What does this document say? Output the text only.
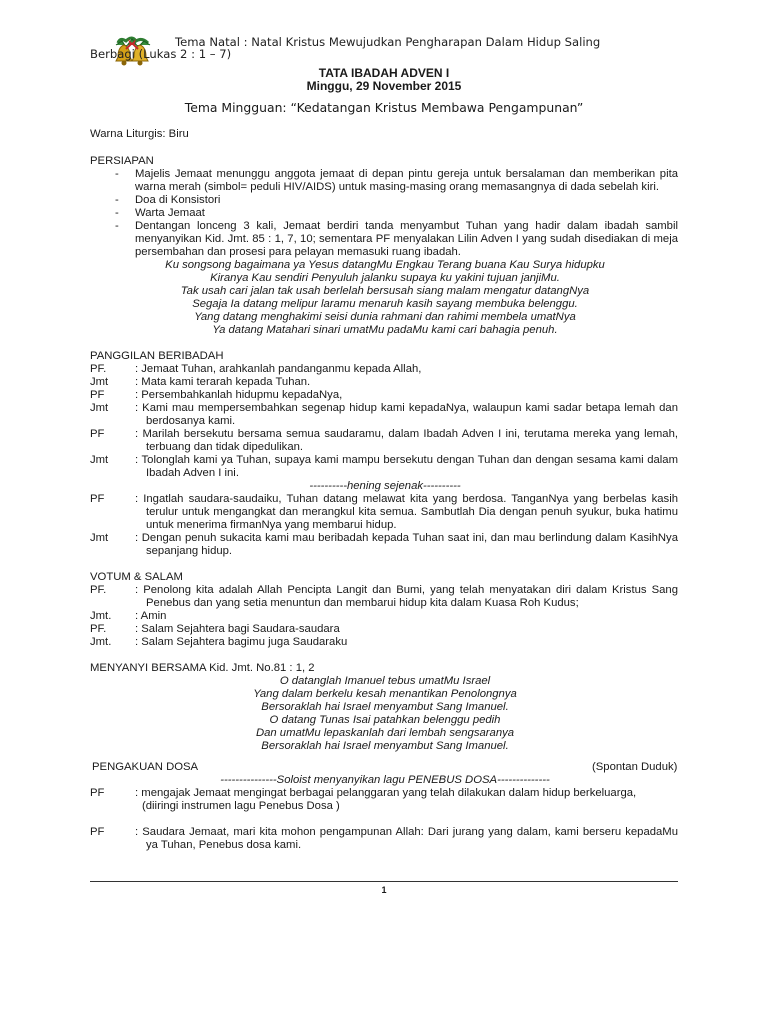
Tema Natal : Natal Kristus Mewujudkan Pengharapan Dalam Hidup Saling
Berbagi (Lukas 2 : 1 – 7)
TATA IBADAH ADVEN I
Minggu, 29 November 2015
Tema Mingguan: “Kedatangan Kristus Membawa Pengampunan”
Warna Liturgis: Biru
PERSIAPAN
- Majelis Jemaat menunggu anggota jemaat di depan pintu gereja untuk bersalaman dan memberikan pita
warna merah (simbol= peduli HIV/AIDS) untuk masing-masing orang memasangnya di dada sebelah kiri.
- Doa di Konsistori
- Warta Jemaat
- Dentangan lonceng 3 kali, Jemaat berdiri tanda menyambut Tuhan yang hadir dalam ibadah sambil
menyanyikan Kid. Jmt. 85 : 1, 7, 10; sementara PF menyalakan Lilin Adven I yang sudah disediakan di meja
persembahan dan prosesi para pelayan memasuki ruang ibadah.
Ku songsong bagaimana ya Yesus datangMu Engkau Terang buana Kau Surya hidupku
Kiranya Kau sendiri Penyuluh jalanku supaya ku yakini tujuan janjiMu.
Tak usah cari jalan tak usah berlelah bersusah siang malam mengatur datangNya
Segaja Ia datang melipur laramu menaruh kasih sayang membuka belenggu.
Yang datang menghakimi seisi dunia rahmani dan rahimi membela umatNya
Ya datang Matahari sinari umatMu padaMu kami cari bahagia penuh.
PANGGILAN BERIBADAH
PF.	: Jemaat Tuhan, arahkanlah pandanganmu kepada Allah,
Jmt : Mata kami terarah kepada Tuhan.
PF	: Persembahkanlah hidupmu kepadaNya,
Jmt : Kami mau mempersembahkan segenap hidup kami kepadaNya, walaupun kami sadar betapa lemah dan
berdosanya kami.
PF	: Marilah bersekutu bersama semua saudaramu, dalam Ibadah Adven I ini, terutama mereka yang lemah,
terbuang dan tidak dipedulikan.
Jmt : Tolonglah kami ya Tuhan, supaya kami mampu bersekutu dengan Tuhan dan dengan sesama kami dalam
Ibadah Adven I ini.
----------hening sejenak----------
PF	: Ingatlah saudara-saudaiku, Tuhan datang melawat kita yang berdosa. TanganNya yang berbelas kasih
terulur untuk mengangkat dan merangkul kita semua. Sambutlah Dia dengan penuh syukur, buka hatimu
untuk menerima firmanNya yang membarui hidup.
Jmt : Dengan penuh sukacita kami mau beribadah kepada Tuhan saat ini, dan mau berlindung dalam KasihNya
sepanjang hidup.
VOTUM & SALAM
PF.	: Penolong kita adalah Allah Pencipta Langit dan Bumi, yang telah menyatakan diri dalam Kristus Sang
Penebus dan yang setia menuntun dan membarui hidup kita dalam Kuasa Roh Kudus;
Jmt. : Amin
PF.	: Salam Sejahtera bagi Saudara-saudara
Jmt. : Salam Sejahtera bagimu juga Saudaraku
MENYANYI BERSAMA Kid. Jmt. No.81 : 1, 2
O datanglah Imanuel tebus umatMu Israel
Yang dalam berkelu kesah menantikan Penolongnya
Bersoraklah hai Israel menyambut Sang Imanuel.
O datang Tunas Isai patahkan belenggu pedih
Dan umatMu lepaskanlah dari lembah sengsaranya
Bersoraklah hai Israel menyambut Sang Imanuel.
PENGAKUAN DOSA	(Spontan Duduk)
---------------Soloist menyanyikan lagu PENEBUS DOSA--------------
PF	: mengajak Jemaat mengingat berbagai pelanggaran yang telah dilakukan dalam hidup berkeluarga,
(diiringi instrumen lagu Penebus Dosa )
PF	: Saudara Jemaat, mari kita mohon pengampunan Allah: Dari jurang yang dalam, kami berseru kepadaMu
ya Tuhan, Penebus dosa kami.
1
